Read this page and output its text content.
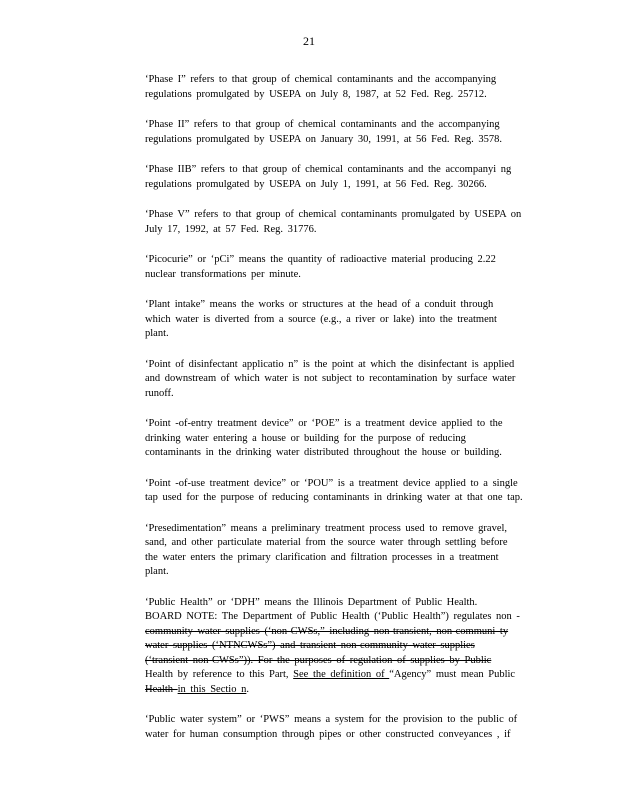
21

‘Phase I” refers to that group of chemical contaminants and the accompanying
regulations promulgated by USEPA on July 8, 1987, at 52 Fed. Reg. 25712.

‘Phase II” refers to that group of chemical contaminants and the accompanying
regulations promulgated by USEPA on January 30, 1991, at 56 Fed. Reg. 3578.

‘Phase IIB” refers to that group of chemical contaminants and the accompanyi ng
regulations promulgated by USEPA on July 1, 1991, at 56 Fed. Reg. 30266.

‘Phase V” refers to that group of chemical contaminants promulgated by USEPA on
July 17, 1992, at 57 Fed. Reg. 31776.

‘Picocurie” or ‘pCi” means the quantity of radioactive material producing 2.22
nuclear transformations per minute.

‘Plant intake” means the works or structures at the head of a conduit through
which water is diverted from a source (e.g., a river or lake) into the treatment
plant.

‘Point of disinfectant applicatio n” is the point at which the disinfectant is applied
and downstream of which water is not subject to recontamination by surface water
runoff.

‘Point -of-entry treatment device” or ‘POE” is a treatment device applied to the
drinking water entering a house or building for the purpose of reducing
contaminants in the drinking water distributed throughout the house or building.

‘Point -of-use treatment device” or ‘POU” is a treatment device applied to a single
tap used for the purpose of reducing contaminants in drinking water at that one tap.

‘Presedimentation” means a preliminary treatment process used to remove gravel,
sand, and other particulate material from the source water through settling before
the water enters the primary clarification and filtration processes in a treatment
plant.

‘Public Health” or ‘DPH” means the Illinois Department of Public Health.
BOARD NOTE: The Department of Public Health (‘Public Health”) regulates non -
community water supplies (‘non-CWSs,” including non-transient, non-communi ty
water supplies (‘NTNCWSs”) and transient non-community water supplies
(‘transient non-CWSs”)). For the purposes of regulation of supplies by Public
Health by reference to this Part, See the definition of “Agency” must mean Public
Health in this Sectio n.

‘Public water system” or ‘PWS” means a system for the provision to the public of
water for human consumption through pipes or other constructed conveyances , if
